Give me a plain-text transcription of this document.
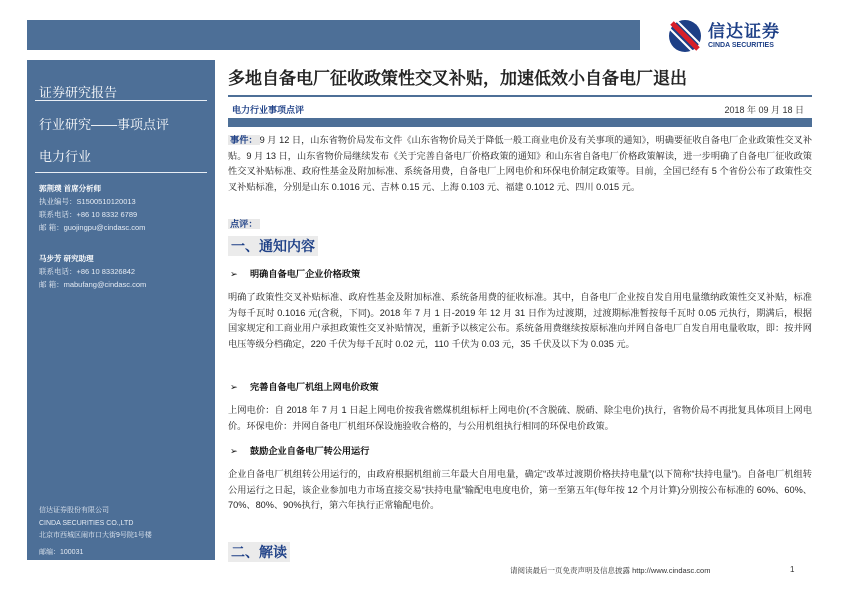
信达证券
CINDA SECURITIES
证券研究报告
行业研究——事项点评
电力行业
郭荆璞 首席分析师
执业编号：S1500510120013
联系电话：+86 10 8332 6789
邮 箱：guojingpu@cindasc.com
马步芳 研究助理
联系电话：+86 10 83326842
邮 箱：mabufang@cindasc.com
信达证券股份有限公司
CINDA SECURITIES CO.,LTD
北京市西城区闹市口大街9号院1号楼
邮编：100031
多地自备电厂征收政策性交叉补贴，加速低效小自备电厂退出
电力行业事项点评	2018 年 09 月 18 日
事件： 9 月 12 日，山东省物价局发布文件《山东省物价局关于降低一般工商业电价及有关事项的通知》，明确要征收自备电厂企业政策性交叉补贴。9 月 13 日，山东省物价局继续发布《关于完善自备电厂价格政策的通知》和山东省自备电厂价格政策解读，进一步明确了自备电厂征收政策性交叉补贴标准、政府性基金及附加标准、系统备用费，自备电厂上网电价和环保电价制定政策等。目前，全国已经有 5 个省份公布了政策性交叉补贴标准，分别是山东 0.1016 元、吉林 0.15 元、上海 0.103 元、福建 0.1012 元、四川 0.015 元。
点评：
一、通知内容
➢ 明确自备电厂企业价格政策
明确了政策性交叉补贴标准、政府性基金及附加标准、系统备用费的征收标准。其中，自备电厂企业按自发自用电量缴纳政策性交叉补贴，标准为每千瓦时 0.1016 元(含税，下同)。2018 年 7 月 1 日-2019 年 12 月 31 日作为过渡期，过渡期标准暂按每千瓦时 0.05 元执行，期满后，根据国家规定和工商业用户承担政策性交叉补贴情况，重新予以核定公布。系统备用费继续按原标准向并网自备电厂自发自用电量收取，即：按并网电压等级分档确定，220 千伏为每千瓦时 0.02 元，110 千伏为 0.03 元，35 千伏及以下为 0.035 元。
➢ 完善自备电厂机组上网电价政策
上网电价：自 2018 年 7 月 1 日起上网电价按我省燃煤机组标杆上网电价(不含脱硫、脱硝、除尘电价)执行，省物价局不再批复具体项目上网电价。环保电价：并网自备电厂机组环保设施验收合格的，与公用机组执行相同的环保电价政策。
➢ 鼓励企业自备电厂转公用运行
企业自备电厂机组转公用运行的，由政府根据机组前三年最大自用电量，确定“改革过渡期价格扶持电量”(以下简称“扶持电量”)。自备电厂机组转公用运行之日起，该企业参加电力市场直接交易“扶持电量”输配电电度电价，第一至第五年(每年按 12 个月计算)分别按公布标准的 60%、60%、70%、80%、90%执行，第六年执行正常输配电价。
二、解读
请阅读最后一页免责声明及信息披露 http://www.cindasc.com	1
